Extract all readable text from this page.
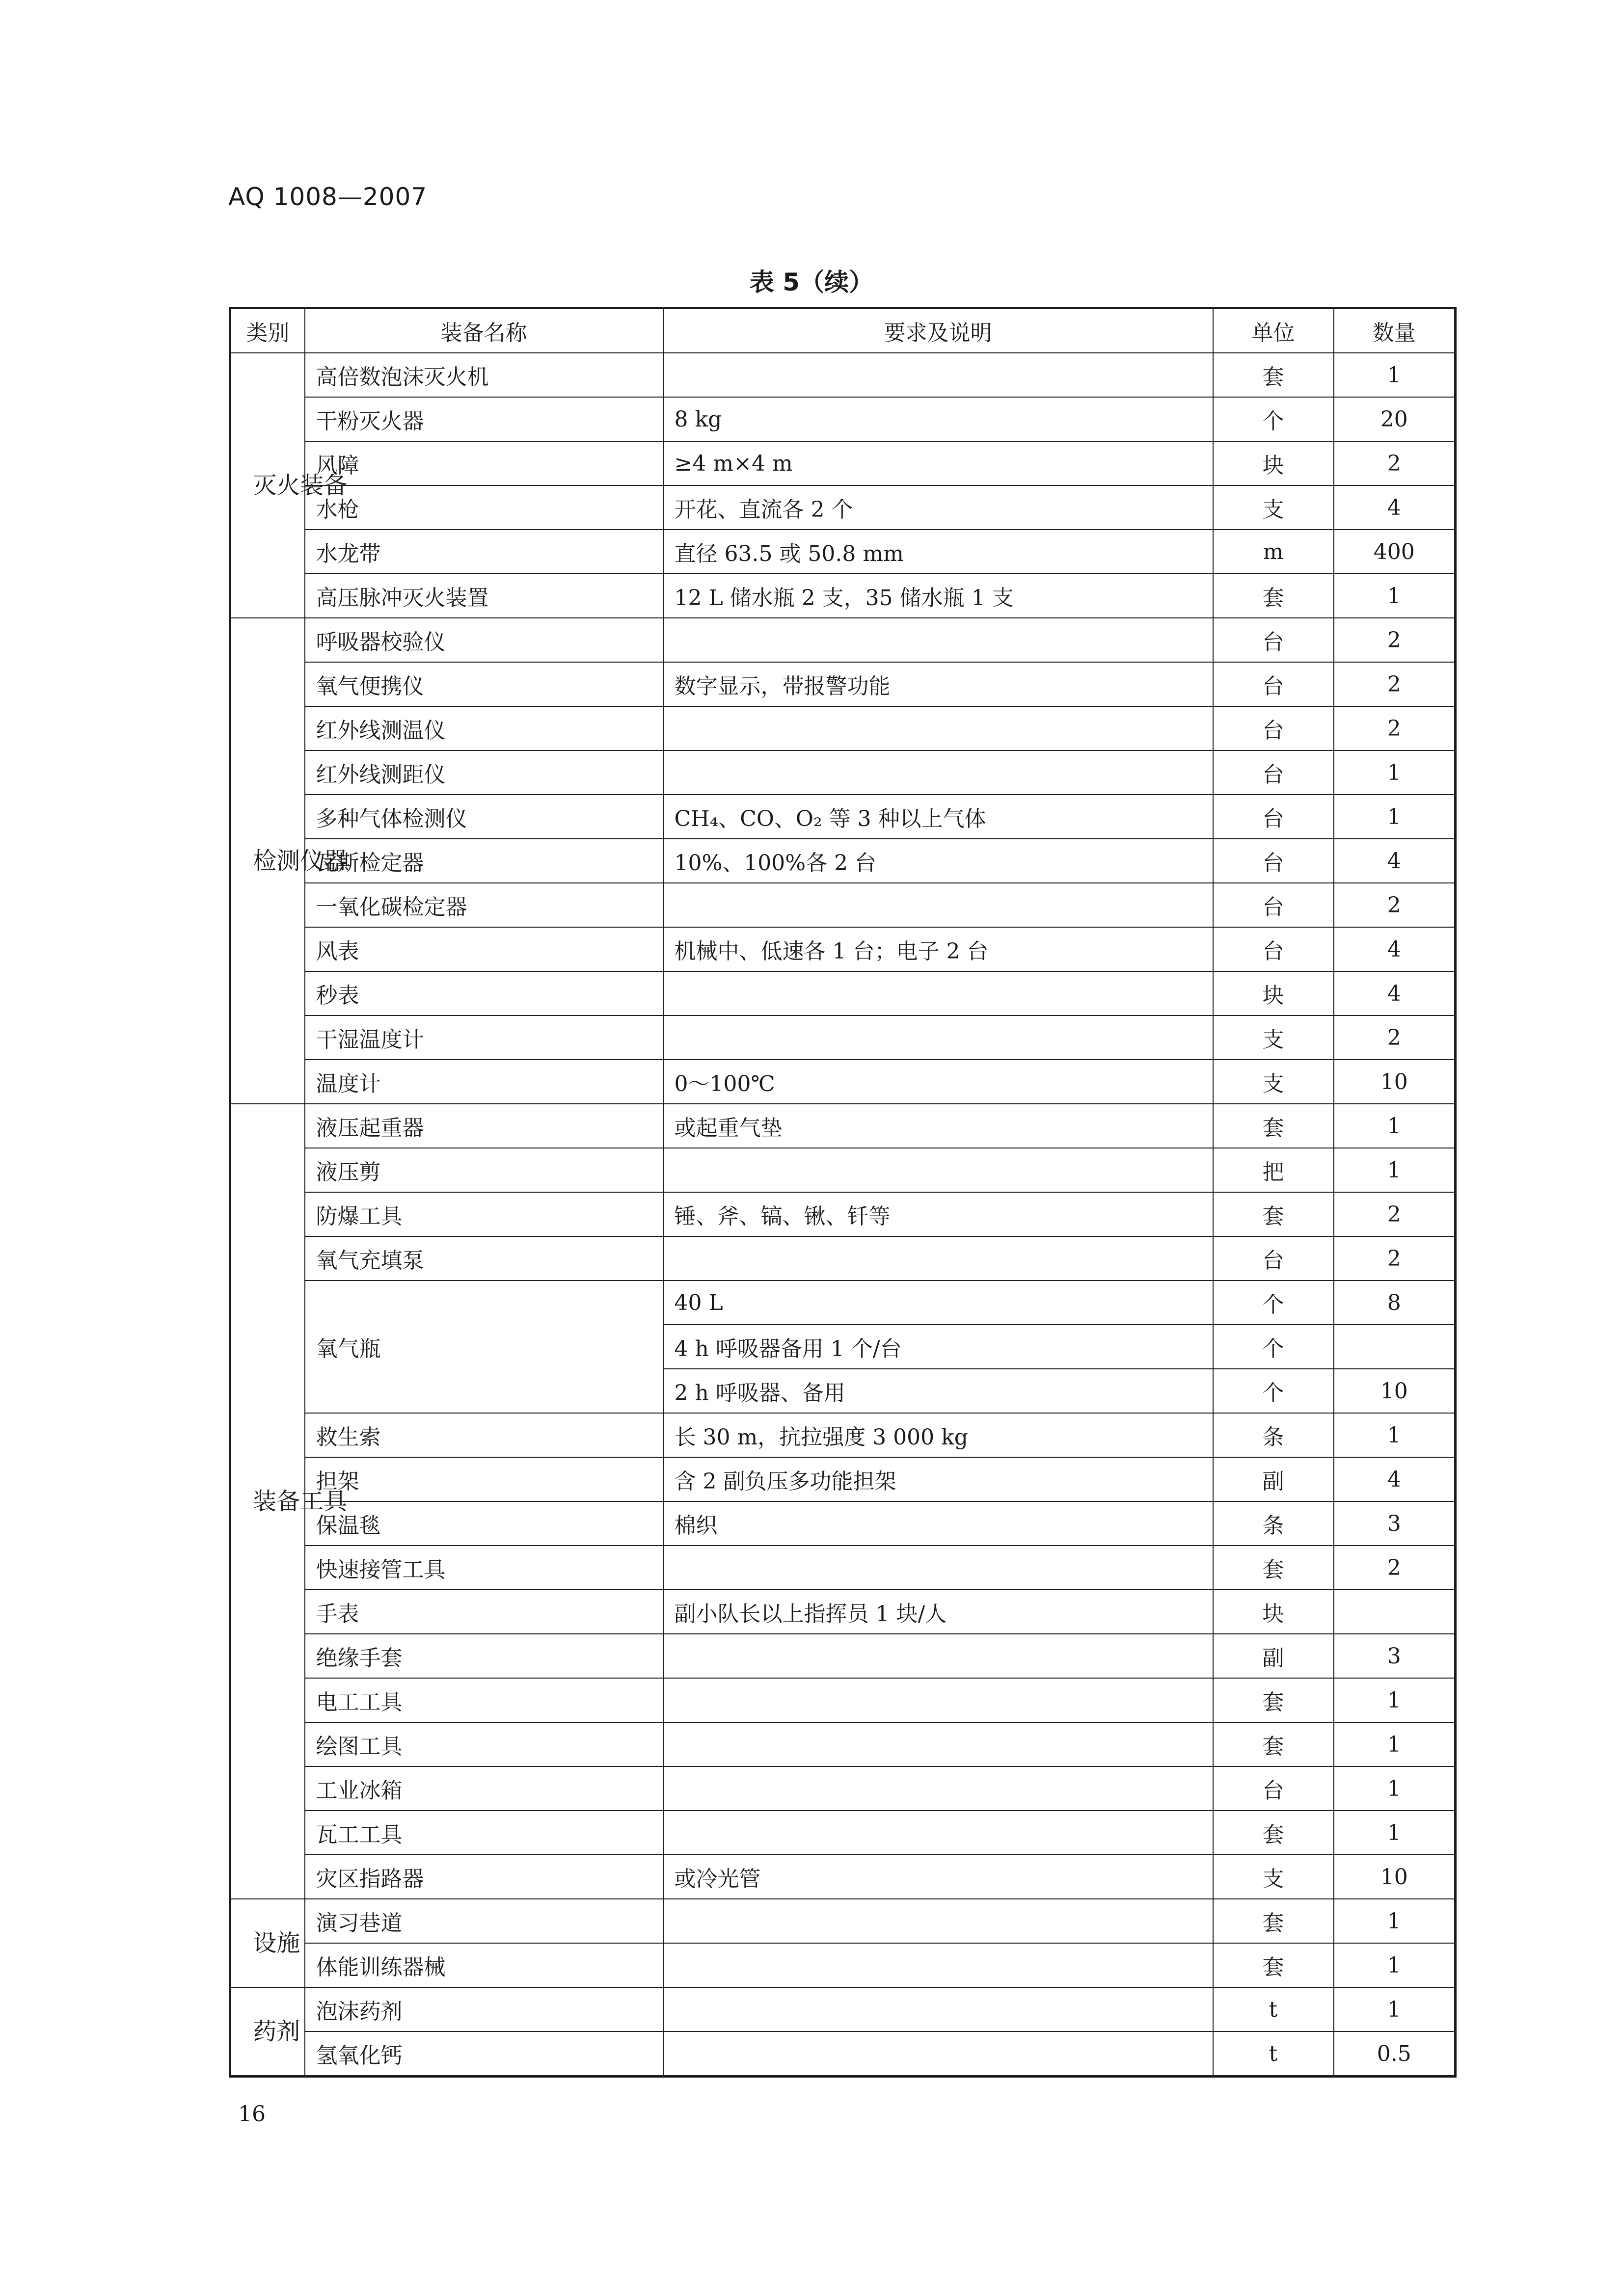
AQ 1008—2007
表 5（续）
类别	装备名称	要求及说明	单位	数量
灭火装备	高倍数泡沫灭火机		套	1
	干粉灭火器	8 kg	个	20
	风障	≥4 m×4 m	块	2
	水枪	开花、直流各 2 个	支	4
	水龙带	直径 63.5 或 50.8 mm	m	400
	高压脉冲灭火装置	12 L 储水瓶 2 支，35 储水瓶 1 支	套	1
检测仪器	呼吸器校验仪		台	2
	氧气便携仪	数字显示，带报警功能	台	2
	红外线测温仪		台	2
	红外线测距仪		台	1
	多种气体检测仪	CH₄、CO、O₂ 等 3 种以上气体	台	1
	瓦斯检定器	10%、100%各 2 台	台	4
	一氧化碳检定器		台	2
	风表	机械中、低速各 1 台；电子 2 台	台	4
	秒表		块	4
	干湿温度计		支	2
	温度计	0～100℃	支	10
装备工具	液压起重器	或起重气垫	套	1
	液压剪		把	1
	防爆工具	锤、斧、镐、锹、钎等	套	2
	氧气充填泵		台	2
	氧气瓶	40 L	个	8
		4 h 呼吸器备用 1 个/台	个	
		2 h 呼吸器、备用	个	10
	救生索	长 30 m，抗拉强度 3 000 kg	条	1
	担架	含 2 副负压多功能担架	副	4
	保温毯	棉织	条	3
	快速接管工具		套	2
	手表	副小队长以上指挥员 1 块/人	块	
	绝缘手套		副	3
	电工工具		套	1
	绘图工具		套	1
	工业冰箱		台	1
	瓦工工具		套	1
	灾区指路器	或冷光管	支	10
设施	演习巷道		套	1
	体能训练器械		套	1
药剂	泡沫药剂		t	1
	氢氧化钙		t	0.5
16
